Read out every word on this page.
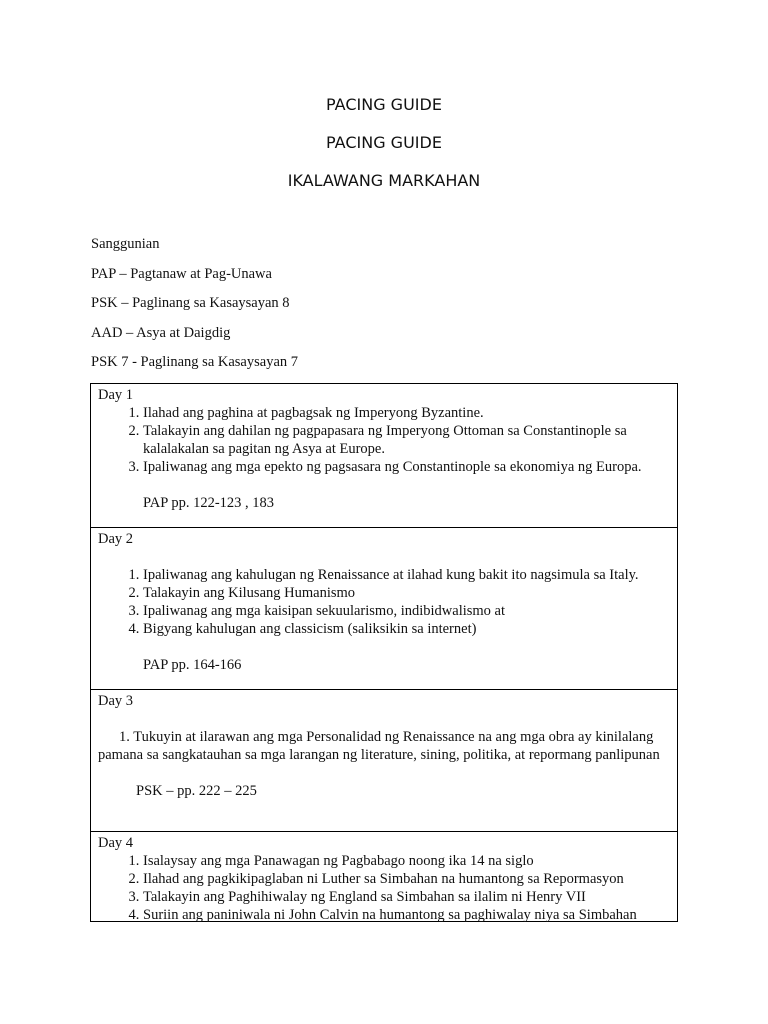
PACING GUIDE

PACING GUIDE

IKALAWANG MARKAHAN

Sanggunian
PAP – Pagtanaw at Pag-Unawa
PSK – Paglinang sa Kasaysayan 8
AAD – Asya at Daigdig
PSK 7 - Paglinang sa Kasaysayan 7
Day 1
1. Ilahad ang paghina at pagbagsak ng Imperyong Byzantine.
2. Talakayin ang dahilan ng pagpapasara ng Imperyong Ottoman sa Constantinople sa kalalakalan sa pagitan ng Asya at Europe.
3. Ipaliwanag ang mga epekto ng pagsasara ng Constantinople sa ekonomiya ng Europa.
PAP pp. 122-123 , 183
Day 2
1. Ipaliwanag ang kahulugan ng Renaissance at ilahad kung bakit ito nagsimula sa Italy.
2. Talakayin ang Kilusang Humanismo
3. Ipaliwanag ang mga kaisipan sekuularismo, indibidwalismo at
4. Bigyang kahulugan ang classicism (saliksikin sa internet)
PAP pp. 164-166
Day 3
1. Tukuyin at ilarawan ang mga Personalidad ng Renaissance na ang mga obra ay kinilalang pamana sa sangkatauhan sa mga larangan ng literature, sining, politika, at repormang panlipunan
PSK – pp. 222 – 225
Day 4
1. Isalaysay ang mga Panawagan ng Pagbabago noong ika 14 na siglo
2. Ilahad ang pagkikipaglaban ni Luther sa Simbahan na humantong sa Repormasyon
3. Talakayin ang Paghihiwalay ng England sa Simbahan sa ilalim ni Henry VII
4. Suriin ang paniniwala ni John Calvin na humantong sa paghiwalay niya sa Simbahan
